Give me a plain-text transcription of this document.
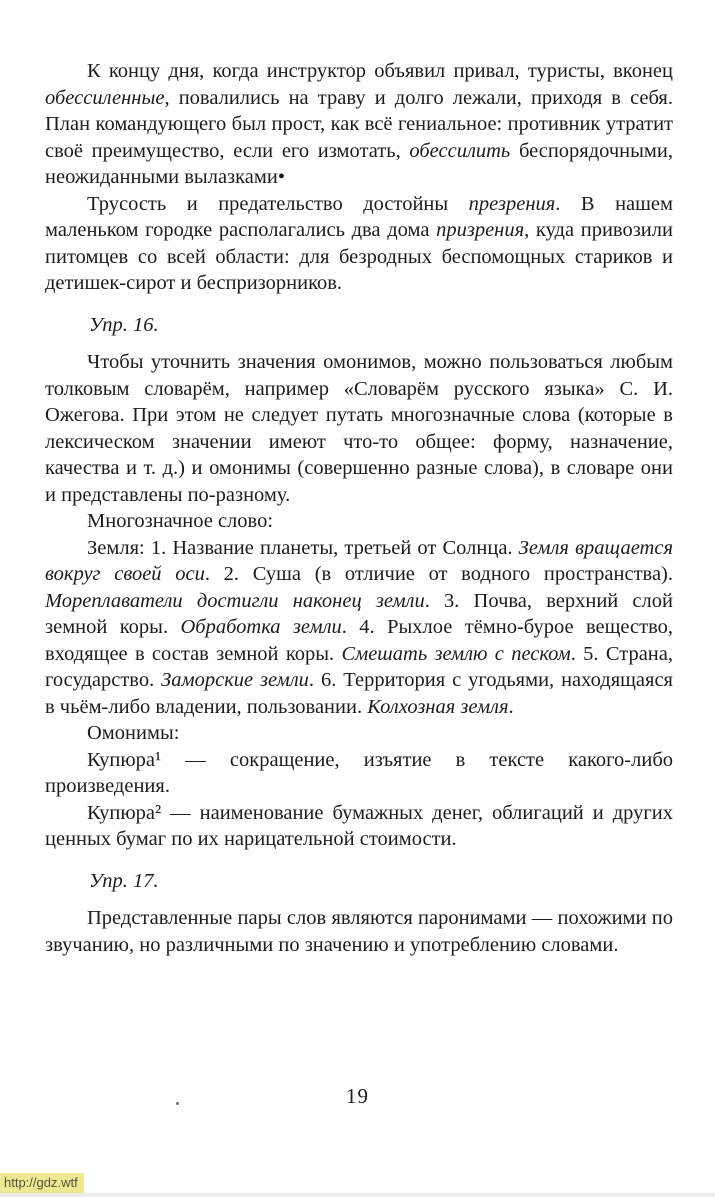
К концу дня, когда инструктор объявил привал, туристы, вконец обессиленные, повалились на траву и долго лежали, приходя в себя. План командующего был прост, как всё гениальное: противник утратит своё преимущество, если его измотать, обессилить беспорядочными, неожиданными вылазками•

Трусость и предательство достойны презрения. В нашем маленьком городке располагались два дома призрения, куда привозили питомцев со всей области: для безродных беспомощных стариков и детишек-сирот и беспризорников.

Упр. 16.

Чтобы уточнить значения омонимов, можно пользоваться любым толковым словарём, например «Словарём русского языка» С. И. Ожегова. При этом не следует путать многозначные слова (которые в лексическом значении имеют что-то общее: форму, назначение, качества и т. д.) и омонимы (совершенно разные слова), в словаре они и представлены по-разному.

Многозначное слово:

Земля: 1. Название планеты, третьей от Солнца. Земля вращается вокруг своей оси. 2. Суша (в отличие от водного пространства). Мореплаватели достигли наконец земли. 3. Почва, верхний слой земной коры. Обработка земли. 4. Рыхлое тёмно-бурое вещество, входящее в состав земной коры. Смешать землю с песком. 5. Страна, государство. Заморские земли. 6. Территория с угодьями, находящаяся в чьём-либо владении, пользовании. Колхозная земля.

Омонимы:

Купюра¹ — сокращение, изъятие в тексте какого-либо произведения.

Купюра² — наименование бумажных денег, облигаций и других ценных бумаг по их нарицательной стоимости.

Упр. 17.

Представленные пары слов являются паронимами — похожими по звучанию, но различными по значению и употреблению словами.

19
http://gdz.wtf
